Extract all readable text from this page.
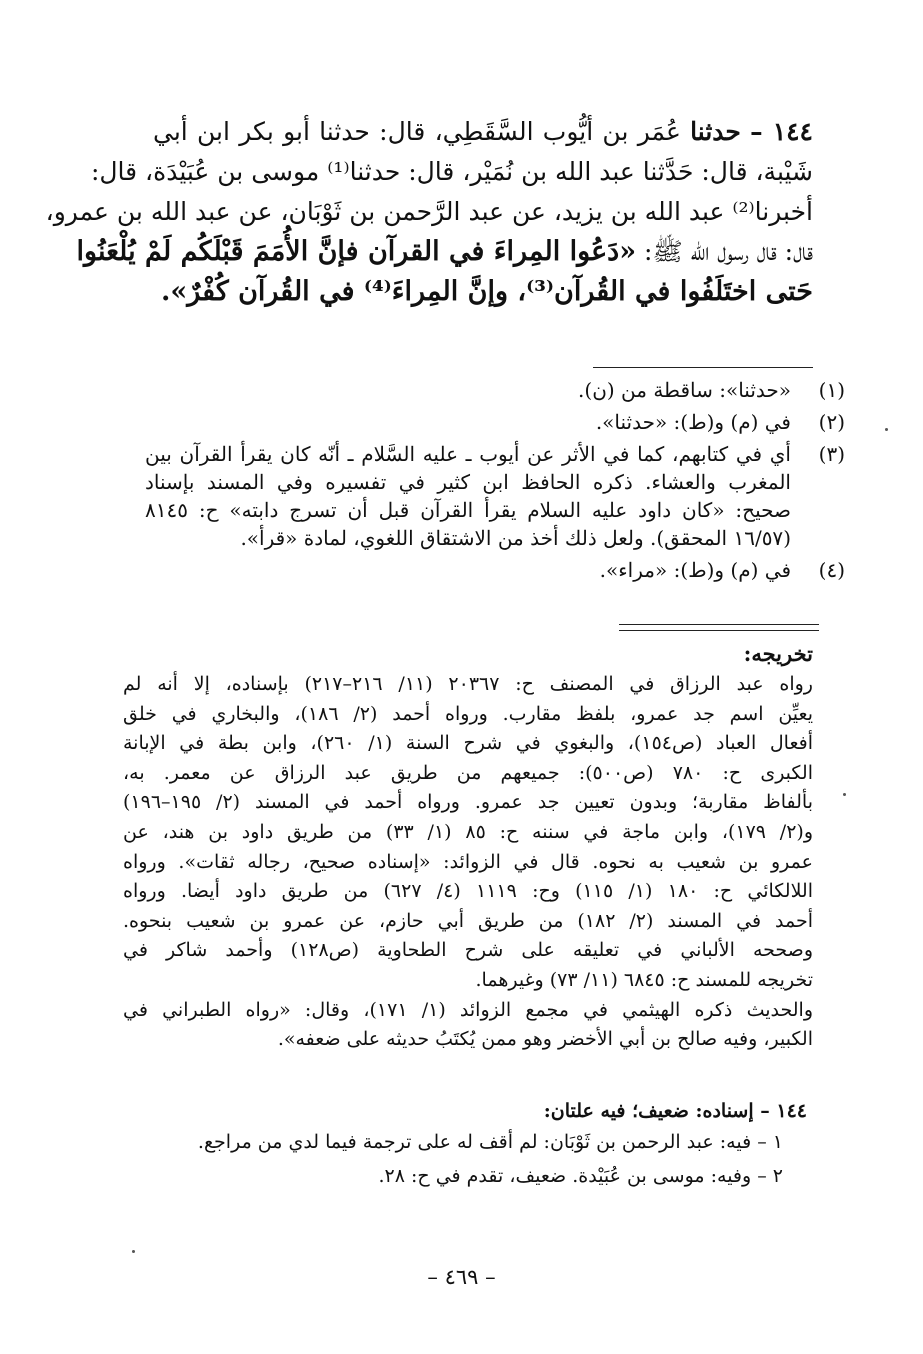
١٤٤ – حدثنا عُمَر بن أيُّوب السَّقَطِي، قال: حدثنا أبو بكر ابن أبي
شَيْبة، قال: حَدَّثنا عبد الله بن نُمَيْر، قال: حدثنا⁽¹⁾ موسى بن عُبَيْدَة، قال:
أخبرنا⁽²⁾ عبد الله بن يزيد، عن عبد الرَّحمن بن ثَوْبَان، عن عبد الله بن عمرو،
قال: قال رسول الله ﷺ: «دَعُوا المِراءَ في القرآن فإنَّ الأُمَمَ قَبْلَكُم لَمْ يُلْعَنُوا
حَتى اختَلَفُوا في القُرآن⁽³⁾، وإنَّ المِراءَ⁽⁴⁾ في القُرآن كُفْرٌ».
(١)
«حدثنا»: ساقطة من (ن).
(٢)
في (م) و(ط): «حدثنا».
(٣)
أي في كتابهم، كما في الأثر عن أيوب ـ عليه السَّلام ـ أنّه كان يقرأ القرآن بين
المغرب والعشاء. ذكره الحافظ ابن كثير في تفسيره وفي المسند بإسناد
صحيح: «كان داود عليه السلام يقرأ القرآن قبل أن تسرج دابته» ح: ٨١٤٥
(١٦/٥٧ المحقق). ولعل ذلك أخذ من الاشتقاق اللغوي، لمادة «قرأ».
(٤)
في (م) و(ط): «مراء».
تخريجه:
رواه عبد الرزاق في المصنف ح: ٢٠٣٦٧ (١١/ ٢١٦–٢١٧) بإسناده، إلا أنه لم
يعيِّن اسم جد عمرو، بلفظ مقارب. ورواه أحمد (٢/ ١٨٦)، والبخاري في خلق
أفعال العباد (ص١٥٤)، والبغوي في شرح السنة (١/ ٢٦٠)، وابن بطة في الإبانة
الكبرى ح: ٧٨٠ (ص٥٠٠): جميعهم من طريق عبد الرزاق عن معمر. به،
بألفاظ مقاربة؛ وبدون تعيين جد عمرو. ورواه أحمد في المسند (٢/ ١٩٥–١٩٦)
و(٢/ ١٧٩)، وابن ماجة في سننه ح: ٨٥ (١/ ٣٣) من طريق داود بن هند، عن
عمرو بن شعيب به نحوه. قال في الزوائد: «إسناده صحيح، رجاله ثقات». ورواه
اللالكائي ح: ١٨٠ (١/ ١١٥) وح: ١١١٩ (٤/ ٦٢٧) من طريق داود أيضا. ورواه
أحمد في المسند (٢/ ١٨٢) من طريق أبي حازم، عن عمرو بن شعيب بنحوه.
وصححه الألباني في تعليقه على شرح الطحاوية (ص١٢٨) وأحمد شاكر في
تخريجه للمسند ح: ٦٨٤٥ (١١/ ٧٣) وغيرهما.
والحديث ذكره الهيثمي في مجمع الزوائد (١/ ١٧١)، وقال: «رواه الطبراني في
الكبير، وفيه صالح بن أبي الأخضر وهو ممن يُكتَبُ حديثه على ضعفه».
١٤٤ – إسناده: ضعيف؛ فيه علتان:
١ – فيه: عبد الرحمن بن ثَوْبَان: لم أقف له على ترجمة فيما لدي من مراجع.
٢ – وفيه: موسى بن عُبَيْدة. ضعيف، تقدم في ح: ٢٨.
– ٤٦٩ –
